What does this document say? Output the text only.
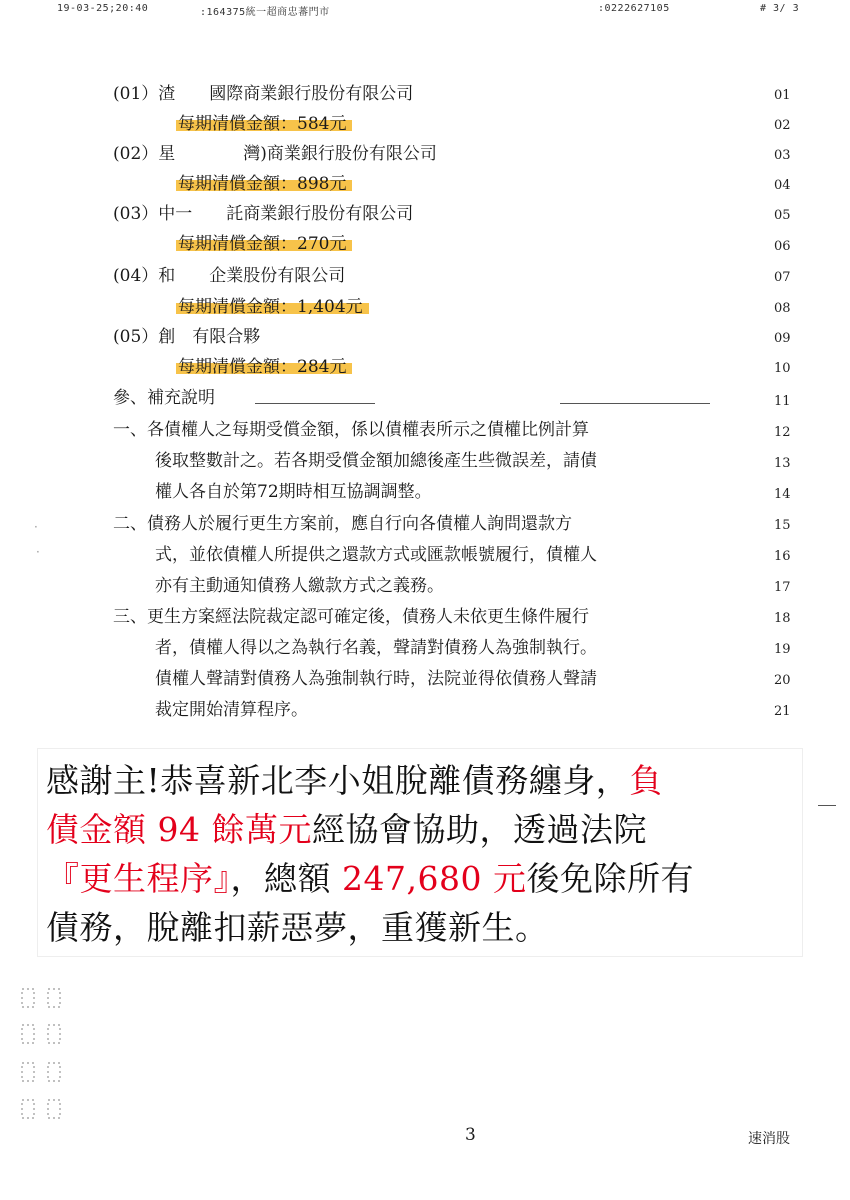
19-03-25;20:40	:164375統一超商忠蕃門市	:0222627105	# 3/ 3
(01）渣　　國際商業銀行股份有限公司
每期清償金額：584元
(02）星　　　　灣)商業銀行股份有限公司
每期清償金額：898元
(03）中一　　託商業銀行股份有限公司
每期清償金額：270元
(04）和　　企業股份有限公司
每期清償金額：1,404元
(05）創　有限合夥
每期清償金額：284元
參、補充說明
一、各債權人之每期受償金額，係以債權表所示之債權比例計算
後取整數計之。若各期受償金額加總後產生些微誤差，請債
權人各自於第72期時相互協調調整。
二、債務人於履行更生方案前，應自行向各債權人詢問還款方
式，並依債權人所提供之還款方式或匯款帳號履行，債權人
亦有主動通知債務人繳款方式之義務。
三、更生方案經法院裁定認可確定後，債務人未依更生條件履行
者，債權人得以之為執行名義，聲請對債務人為強制執行。
債權人聲請對債務人為強制執行時，法院並得依債務人聲請
裁定開始清算程序。
01
02
03
04
05
06
07
08
09
10
11
12
13
14
15
16
17
18
19
20
21
·
·

感謝主!恭喜新北李小姐脫離債務纏身，負

債金額 94 餘萬元經協會協助，透過法院

『更生程序』，總額 247,680 元後免除所有

債務，脫離扣薪惡夢，重獲新生。

3	速消股
